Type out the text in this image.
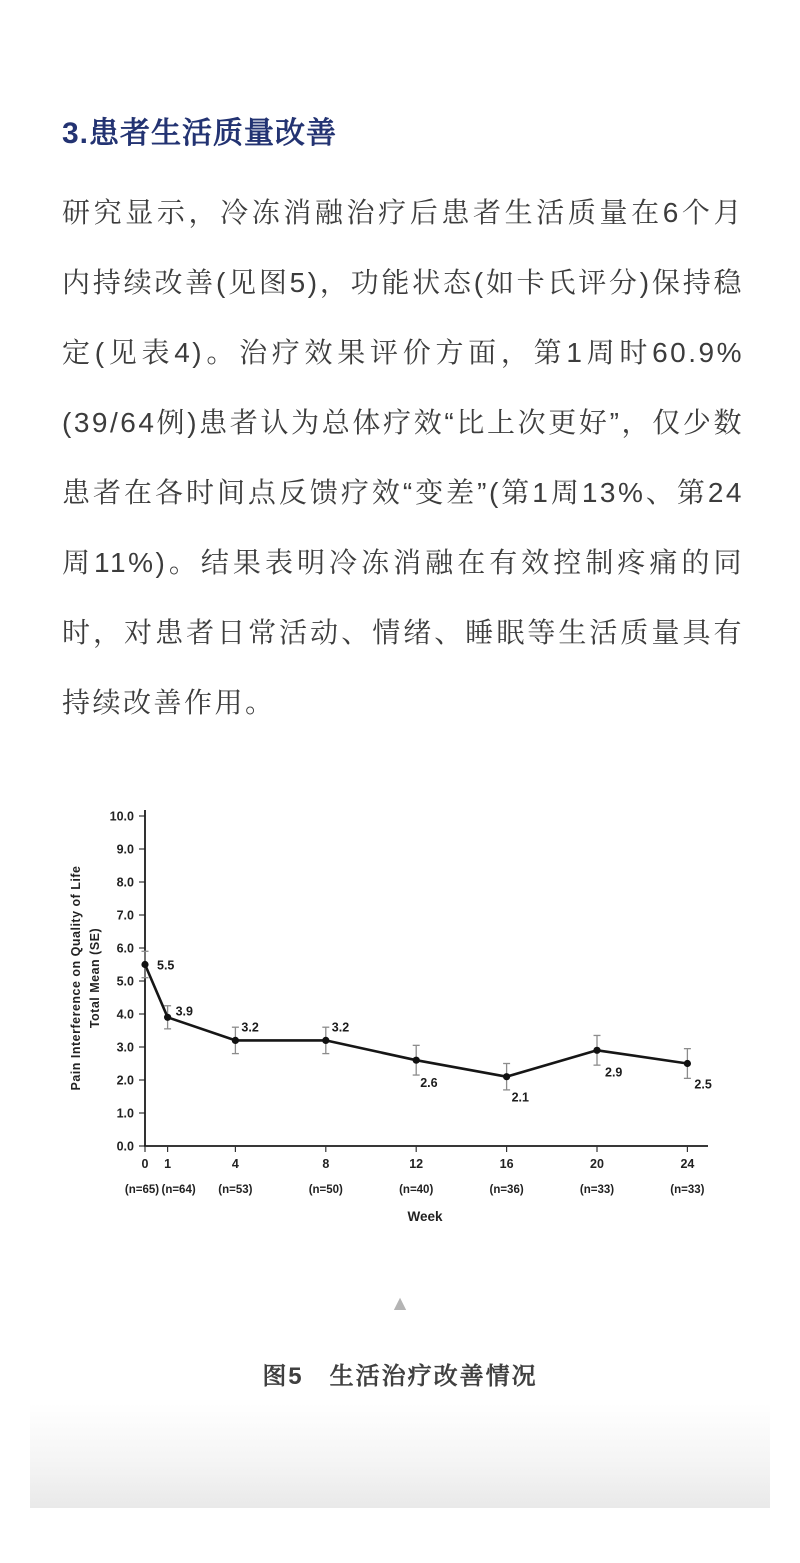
3.患者生活质量改善

研究显示，冷冻消融治疗后患者生活质量在6个月内持续改善(见图5)，功能状态(如卡氏评分)保持稳定(见表4)。治疗效果评价方面，第1周时60.9%(39/64例)患者认为总体疗效“比上次更好”，仅少数患者在各时间点反馈疗效“变差”(第1周13%、第24周11%)。结果表明冷冻消融在有效控制疼痛的同时，对患者日常活动、情绪、睡眠等生活质量具有持续改善作用。

0.0
1.0
2.0
3.0
4.0
5.0
6.0
7.0
8.0
9.0
10.0
0
(n=65)
1
(n=64)
4
(n=53)
8
(n=50)
12
(n=40)
16
(n=36)
20
(n=33)
24
(n=33)
Week
5.5
3.9
3.2	3.2
2.6
2.1
2.9
2.5
Pain Interference on Quality of Life Total Mean (SE)
▲
图5　生活治疗改善情况
